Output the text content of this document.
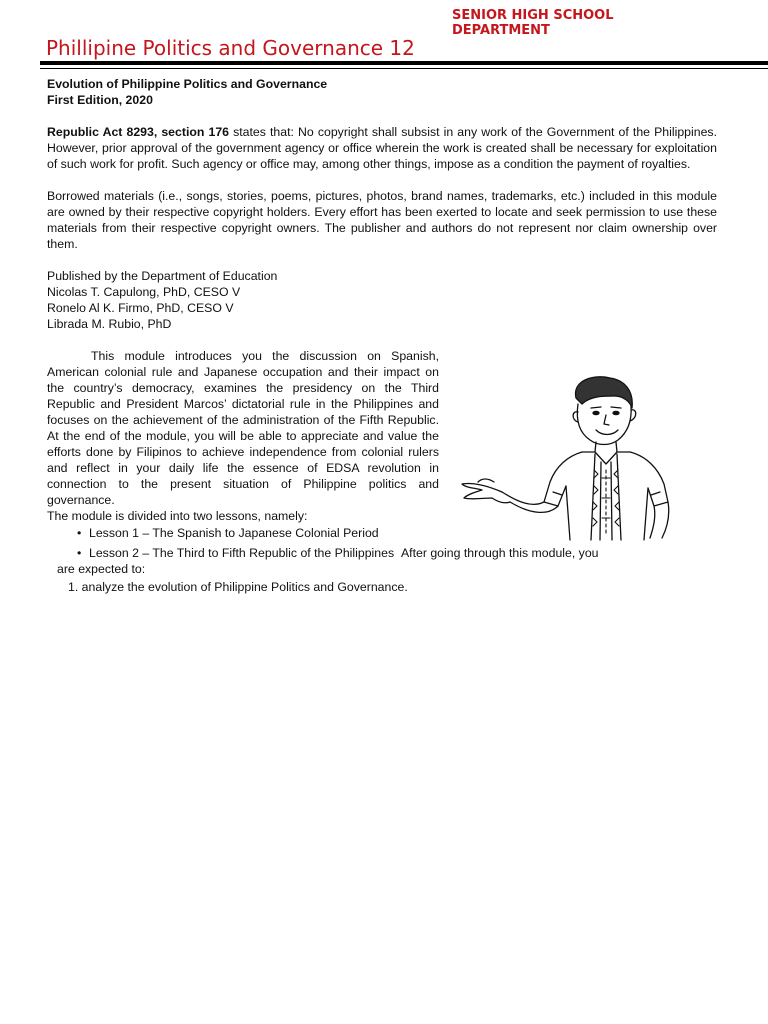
SENIOR HIGH SCHOOL DEPARTMENT
Phillipine Politics and Governance 12

Evolution of Philippine Politics and Governance
First Edition, 2020

Republic Act 8293, section 176 states that: No copyright shall subsist in any work of the Government of the Philippines. However, prior approval of the government agency or office wherein the work is created shall be necessary for exploitation of such work for profit. Such agency or office may, among other things, impose as a condition the payment of royalties.

Borrowed materials (i.e., songs, stories, poems, pictures, photos, brand names, trademarks, etc.) included in this module are owned by their respective copyright holders. Every effort has been exerted to locate and seek permission to use these materials from their respective copyright owners. The publisher and authors do not represent nor claim ownership over them.

Published by the Department of Education

Nicolas T. Capulong, PhD, CESO V

Ronelo Al K. Firmo, PhD, CESO V

Librada M. Rubio, PhD

This module introduces you the discussion on Spanish, American colonial rule and Japanese occupation and their impact on the country’s democracy, examines the presidency on the Third Republic and President Marcos’ dictatorial rule in the Philippines and focuses on the achievement of the administration of the Fifth Republic. At the end of the module, you will be able to appreciate and value the efforts done by Filipinos to achieve independence from colonial rulers and reflect in your daily life the essence of EDSA revolution in connection to the present situation of Philippine politics and governance.

The module is divided into two lessons, namely:

• Lesson 1 – The Spanish to Japanese Colonial Period
• Lesson 2 – The Third to Fifth Republic of the Philippines After going through this module, you

are expected to:

1. analyze the evolution of Philippine Politics and Governance.
